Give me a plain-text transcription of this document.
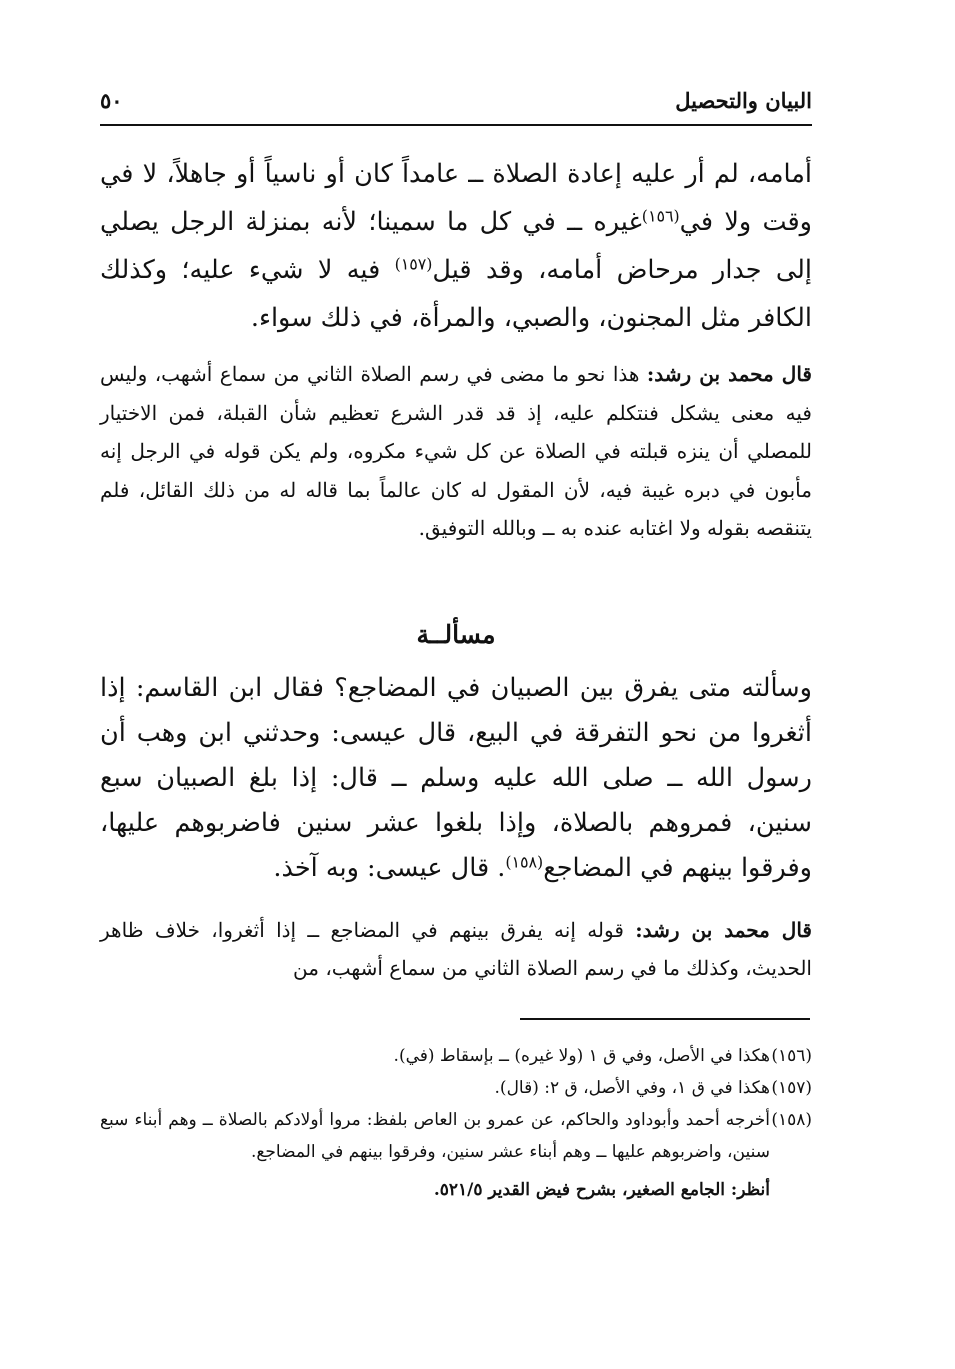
البيان والتحصيل
٥٠
أمامه، لم أر عليه إعادة الصلاة ــ عامداً كان أو ناسياً أو جاهلاً، لا في وقت ولا في$^{(١٥٦)}$غيره ــ في كل ما سمينا؛ لأنه بمنزلة الرجل يصلي إلى جدار مرحاض أمامه، وقد قيل$^{(١٥٧)}$ فيه لا شيء عليه؛ وكذلك الكافر مثل المجنون، والصبي، والمرأة، في ذلك سواء.
قال محمد بن رشد: هذا نحو ما مضى في رسم الصلاة الثاني من سماع أشهب، وليس فيه معنى يشكل فنتكلم عليه، إذ قد قدر الشرع تعظيم شأن القبلة، فمن الاختيار للمصلي أن ينزه قبلته في الصلاة عن كل شيء مكروه، ولم يكن قوله في الرجل إنه مأبون في دبره غيبة فيه، لأن المقول له كان عالماً بما قاله له من ذلك القائل، فلم يتنقصه بقوله ولا اغتابه عنده به ــ وبالله التوفيق.
مسألــة
وسألته متى يفرق بين الصبيان في المضاجع؟ فقال ابن القاسم: إذا أثغروا من نحو التفرقة في البيع، قال عيسى: وحدثني ابن وهب أن رسول الله ــ صلى الله عليه وسلم ــ قال: إذا بلغ الصبيان سبع سنين، فمروهم بالصلاة، وإذا بلغوا عشر سنين فاضربوهم عليها، وفرقوا بينهم في المضاجع$^{(١٥٨)}$. قال عيسى: وبه آخذ.
قال محمد بن رشد: قوله إنه يفرق بينهم في المضاجع ــ إذا أثغروا، خلاف ظاهر الحديث، وكذلك ما في رسم الصلاة الثاني من سماع أشهب، من
(١٥٦)
هكذا في الأصل، وفي ق ١ (ولا غيره) ــ بإسقاط (في).
(١٥٧)
هكذا في ق ١، وفي الأصل، ق ٢: (قال).
(١٥٨)
أخرجه أحمد وأبوداود والحاكم، عن عمرو بن العاص بلفظ: مروا أولادكم بالصلاة ــ وهم أبناء سبع سنين، واضربوهم عليها ــ وهم أبناء عشر سنين، وفرقوا بينهم في المضاجع.
أنظر: الجامع الصغير، بشرح فيض القدير ٥٢١/٥.
